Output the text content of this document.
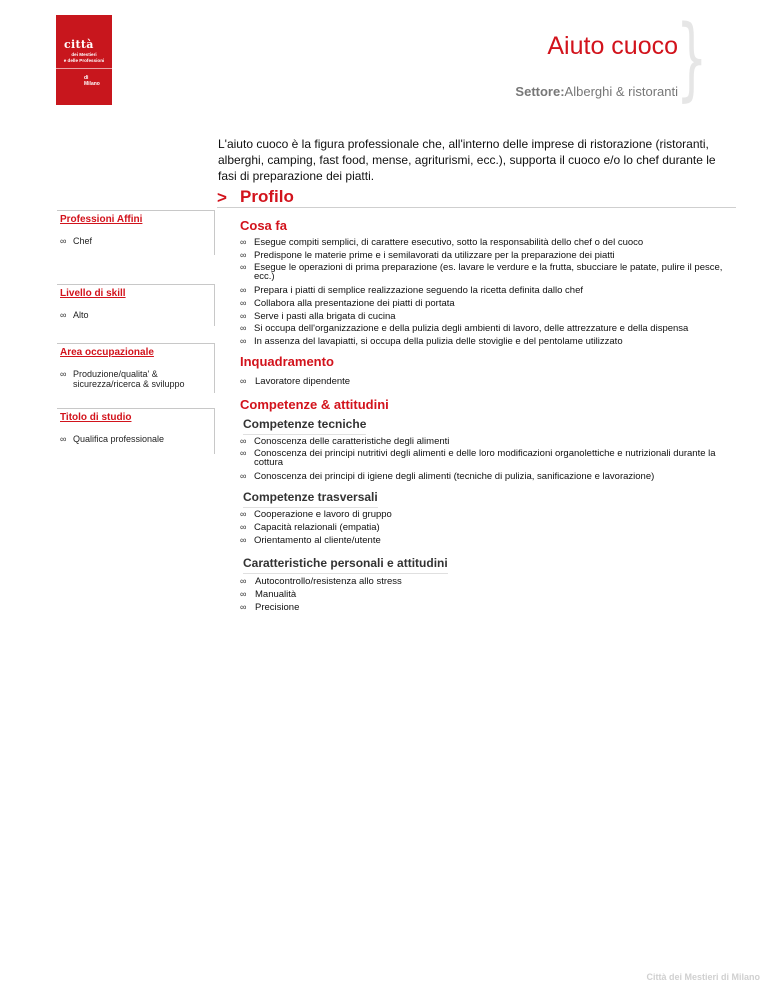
città
dei Mestieri
e delle Professioni
di
Milano
Aiuto cuoco
Settore:Alberghi & ristoranti
}
L'aiuto cuoco è la figura professionale che, all'interno delle imprese di ristorazione (ristoranti, alberghi, camping, fast food, mense, agriturismi, ecc.), supporta il cuoco e/o lo chef durante le fasi di preparazione dei piatti.
> Profilo
Professioni Affini
∞ Chef
Livello di skill
∞ Alto
Area occupazionale
∞ Produzione/qualita' & sicurezza/ricerca & sviluppo
Titolo di studio
∞ Qualifica professionale
Cosa fa
∞ Esegue compiti semplici, di carattere esecutivo, sotto la responsabilità dello chef o del cuoco
∞ Predispone le materie prime e i semilavorati da utilizzare per la preparazione dei piatti
∞ Esegue le operazioni di prima preparazione (es. lavare le verdure e la frutta, sbucciare le patate, pulire il pesce, ecc.)
∞ Prepara i piatti di semplice realizzazione seguendo la ricetta definita dallo chef
∞ Collabora alla presentazione dei piatti di portata
∞ Serve i pasti alla brigata di cucina
∞ Si occupa dell'organizzazione e della pulizia degli ambienti di lavoro, delle attrezzature e della dispensa
∞ In assenza del lavapiatti, si occupa della pulizia delle stoviglie e del pentolame utilizzato
Inquadramento
∞ Lavoratore dipendente
Competenze & attitudini
Competenze tecniche
∞ Conoscenza delle caratteristiche degli alimenti
∞ Conoscenza dei principi nutritivi degli alimenti e delle loro modificazioni organolettiche e nutrizionali durante la cottura
∞ Conoscenza dei principi di igiene degli alimenti (tecniche di pulizia, sanificazione e lavorazione)
Competenze trasversali
∞ Cooperazione e lavoro di gruppo
∞ Capacità relazionali (empatia)
∞ Orientamento al cliente/utente
Caratteristiche personali e attitudini
∞ Autocontrollo/resistenza allo stress
∞ Manualità
∞ Precisione
Città dei Mestieri di Milano
